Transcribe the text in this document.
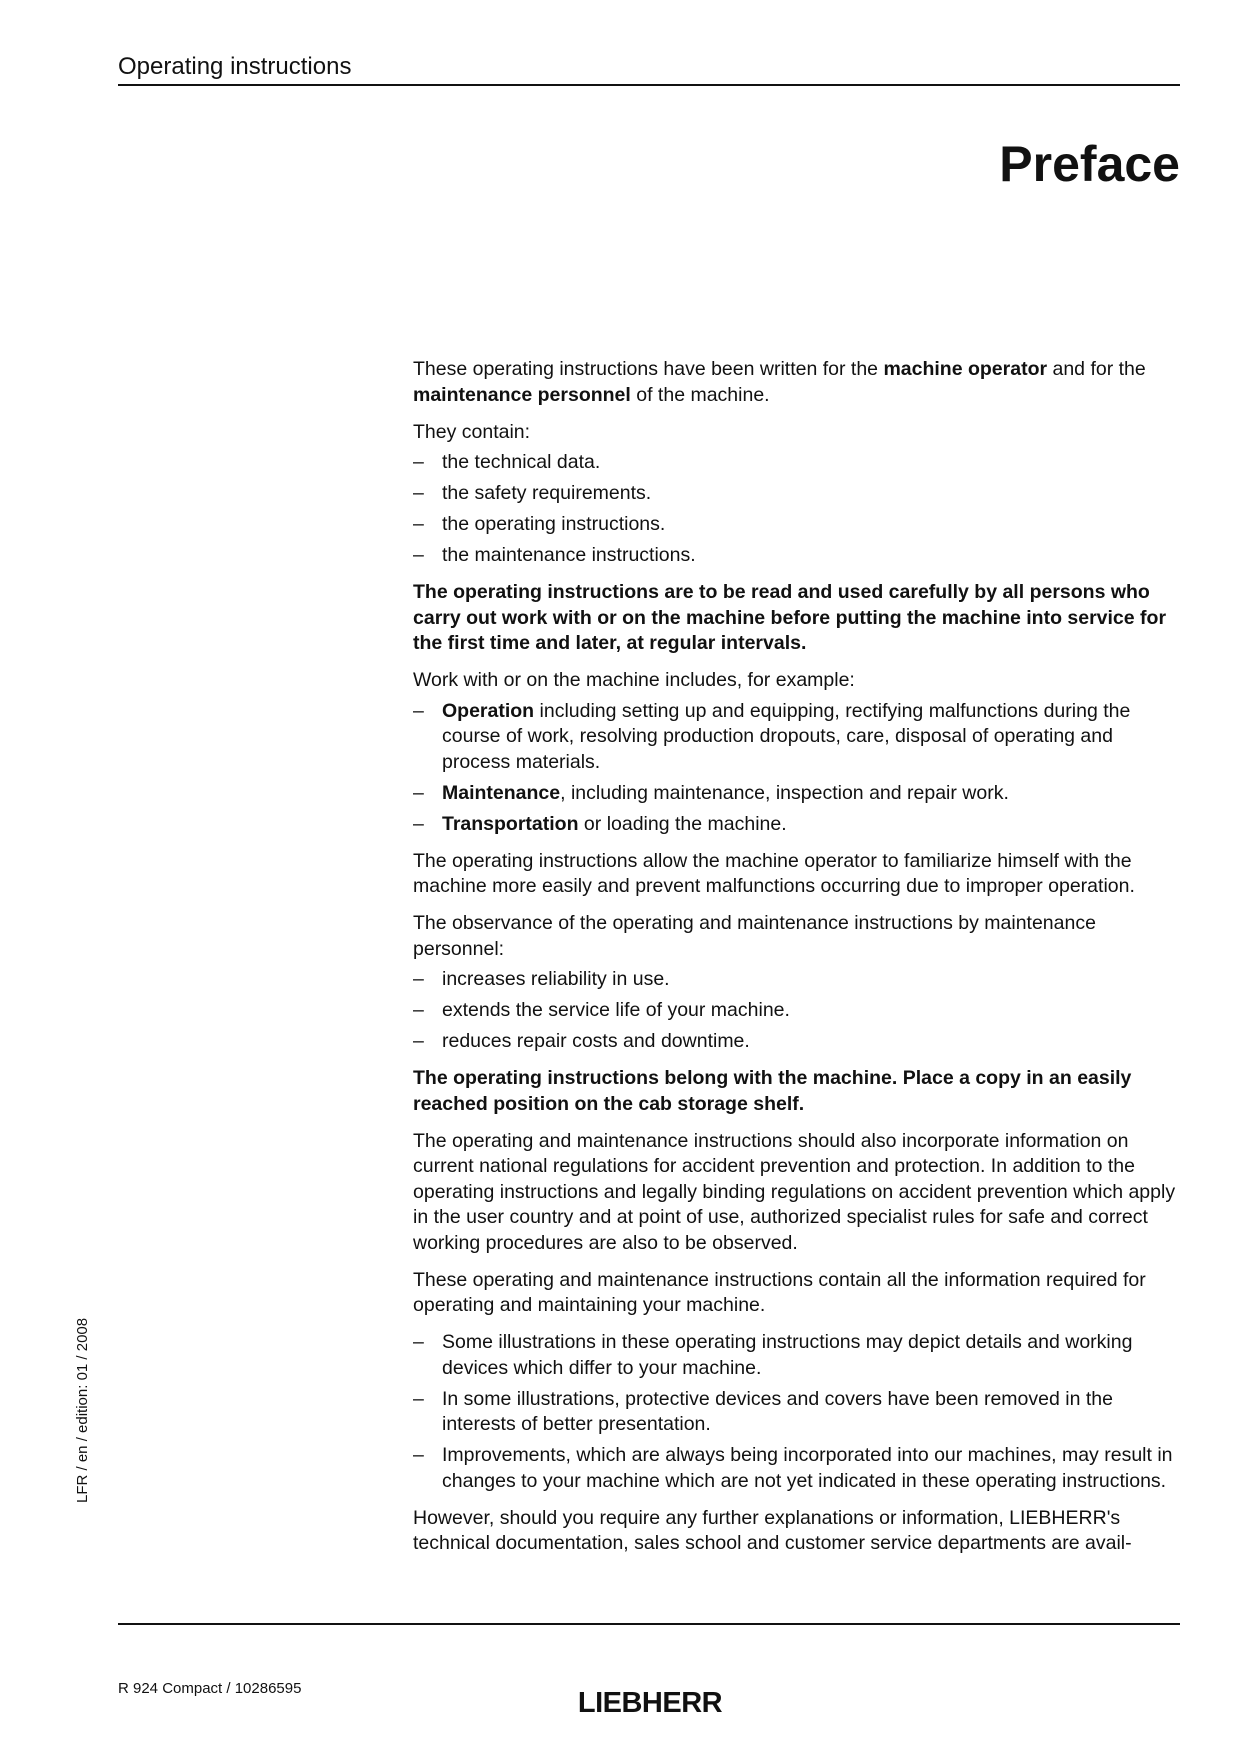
Operating instructions
Preface

These operating instructions have been written for the machine operator and for the maintenance personnel of the machine.

They contain:

– the technical data.
– the safety requirements.
– the operating instructions.
– the maintenance instructions.

The operating instructions are to be read and used carefully by all persons who carry out work with or on the machine before putting the machine into service for the first time and later, at regular intervals.

Work with or on the machine includes, for example:

– Operation including setting up and equipping, rectifying malfunctions during the course of work, resolving production dropouts, care, disposal of operating and process materials.
– Maintenance, including maintenance, inspection and repair work.
– Transportation or loading the machine.

The operating instructions allow the machine operator to familiarize himself with the machine more easily and prevent malfunctions occurring due to improper operation.

The observance of the operating and maintenance instructions by maintenance personnel:

– increases reliability in use.
– extends the service life of your machine.
– reduces repair costs and downtime.

The operating instructions belong with the machine. Place a copy in an easily reached position on the cab storage shelf.

The operating and maintenance instructions should also incorporate information on current national regulations for accident prevention and protection. In addition to the operating instructions and legally binding regulations on accident prevention which apply in the user country and at point of use, authorized specialist rules for safe and correct working procedures are also to be observed.

These operating and maintenance instructions contain all the information required for operating and maintaining your machine.

– Some illustrations in these operating instructions may depict details and working devices which differ to your machine.
– In some illustrations, protective devices and covers have been removed in the interests of better presentation.
– Improvements, which are always being incorporated into our machines, may result in changes to your machine which are not yet indicated in these operating instructions.

However, should you require any further explanations or information, LIEBHERR's technical documentation, sales school and customer service departments are avail-

LFR / en / edition: 01 / 2008
R 924 Compact / 10286595	LIEBHERR
